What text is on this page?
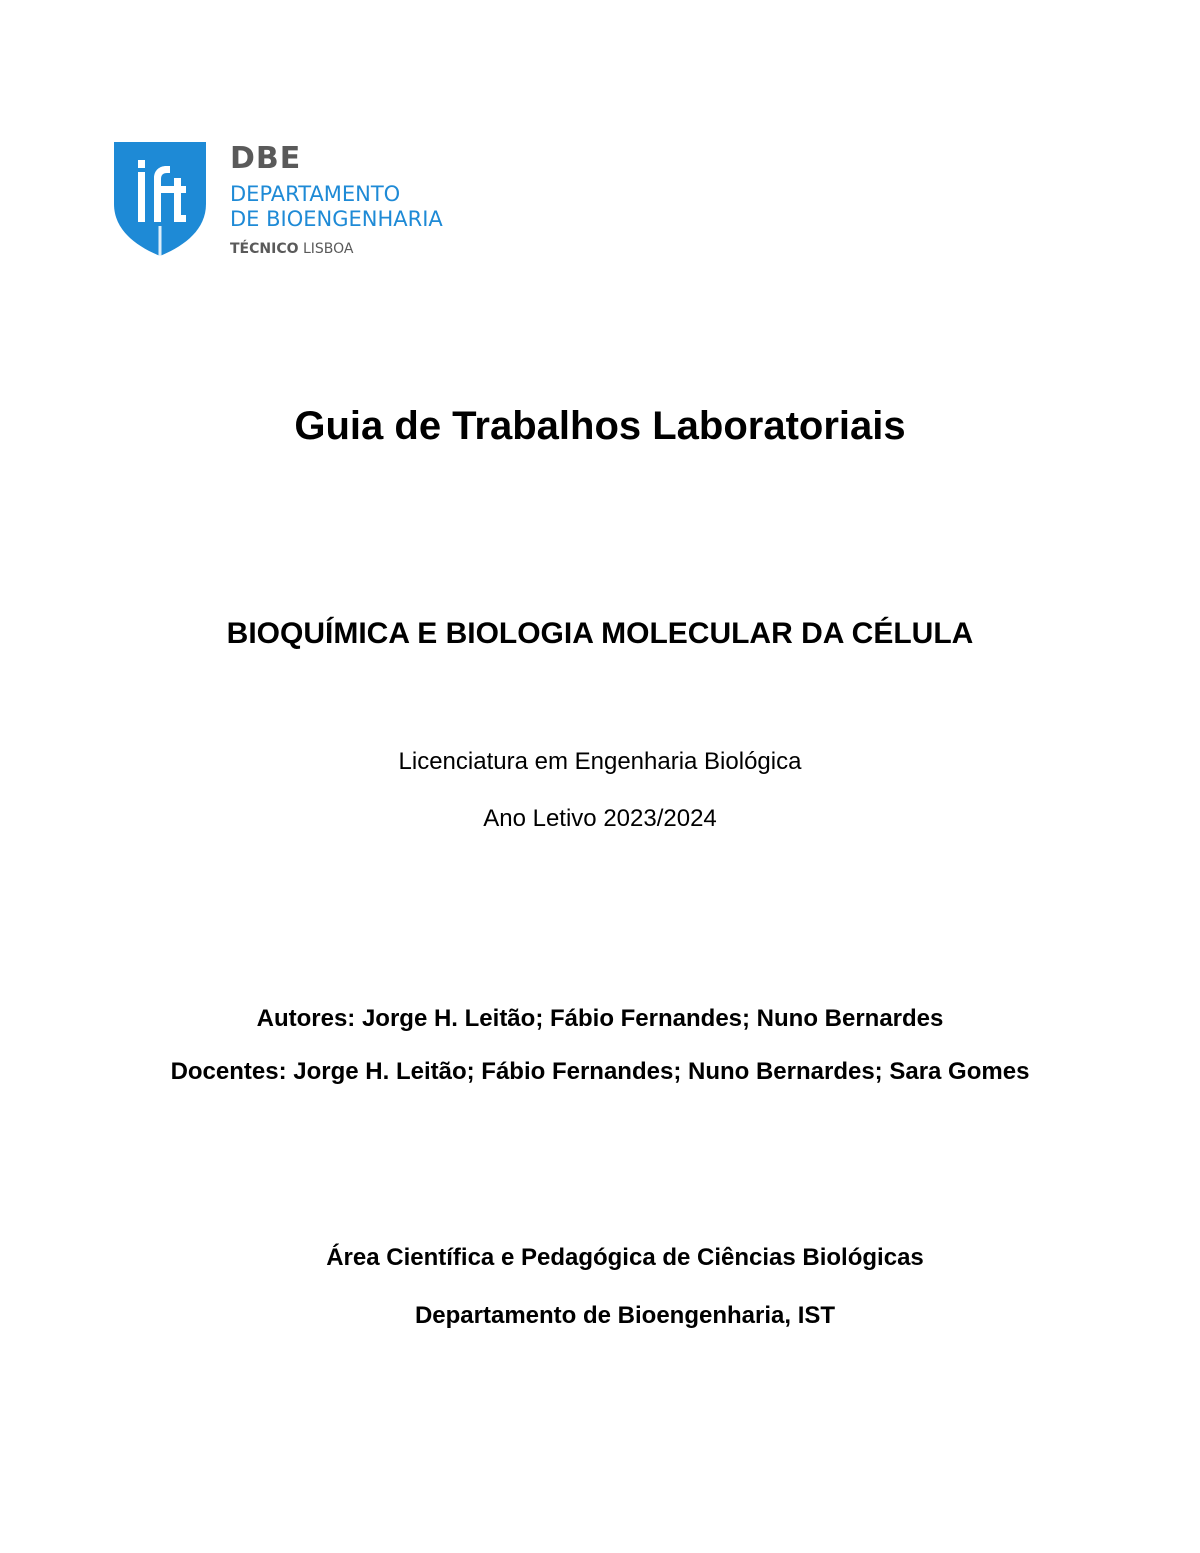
DBE
DEPARTAMENTO
DE BIOENGENHARIA
TÉCNICO LISBOA
Guia de Trabalhos Laboratoriais
BIOQUÍMICA E BIOLOGIA MOLECULAR DA CÉLULA
Licenciatura em Engenharia Biológica
Ano Letivo 2023/2024
Autores: Jorge H. Leitão; Fábio Fernandes; Nuno Bernardes
Docentes: Jorge H. Leitão; Fábio Fernandes; Nuno Bernardes; Sara Gomes
Área Científica e Pedagógica de Ciências Biológicas
Departamento de Bioengenharia, IST
